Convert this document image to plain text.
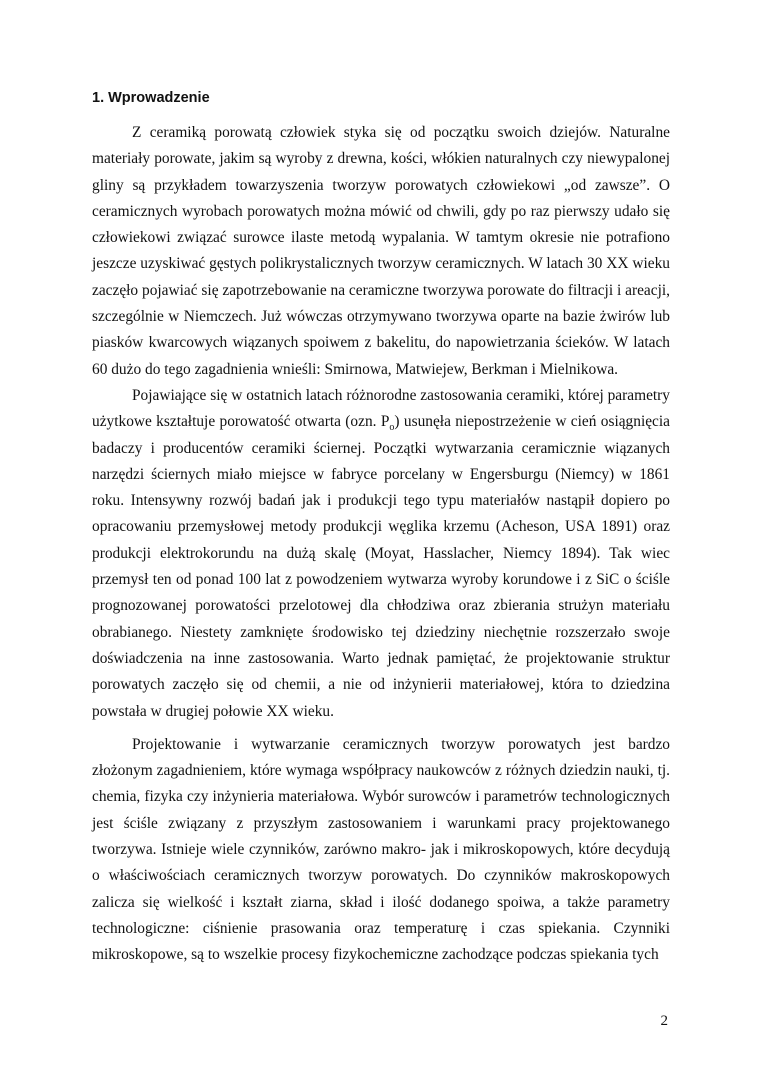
1. Wprowadzenie

Z ceramiką porowatą człowiek styka się od początku swoich dziejów. Naturalne materiały porowate, jakim są wyroby z drewna, kości, włókien naturalnych czy niewypalonej gliny są przykładem towarzyszenia tworzyw porowatych człowiekowi „od zawsze”. O ceramicznych wyrobach porowatych można mówić od chwili, gdy po raz pierwszy udało się człowiekowi związać surowce ilaste metodą wypalania. W tamtym okresie nie potrafiono jeszcze uzyskiwać gęstych polikrystalicznych tworzyw ceramicznych. W latach 30 XX wieku zaczęło pojawiać się zapotrzebowanie na ceramiczne tworzywa porowate do filtracji i areacji, szczególnie w Niemczech. Już wówczas otrzymywano tworzywa oparte na bazie żwirów lub piasków kwarcowych wiązanych spoiwem z bakelitu, do napowietrzania ścieków. W latach 60 dużo do tego zagadnienia wnieśli: Smirnowa, Matwiejew, Berkman i Mielnikowa.

Pojawiające się w ostatnich latach różnorodne zastosowania ceramiki, której parametry użytkowe kształtuje porowatość otwarta (ozn. $P_o$) usunęła niepostrzeżenie w cień osiągnięcia badaczy i producentów ceramiki ściernej. Początki wytwarzania ceramicznie wiązanych narzędzi ściernych miało miejsce w fabryce porcelany w Engersburgu (Niemcy) w 1861 roku. Intensywny rozwój badań jak i produkcji tego typu materiałów nastąpił dopiero po opracowaniu przemysłowej metody produkcji węglika krzemu (Acheson, USA 1891) oraz produkcji elektrokorundu na dużą skalę (Moyat, Hasslacher, Niemcy 1894). Tak wiec przemysł ten od ponad 100 lat z powodzeniem wytwarza wyroby korundowe i z SiC o ściśle prognozowanej porowatości przelotowej dla chłodziwa oraz zbierania strużyn materiału obrabianego. Niestety zamknięte środowisko tej dziedziny niechętnie rozszerzało swoje doświadczenia na inne zastosowania. Warto jednak pamiętać, że projektowanie struktur porowatych zaczęło się od chemii, a nie od inżynierii materiałowej, która to dziedzina powstała w drugiej połowie XX wieku.

Projektowanie i wytwarzanie ceramicznych tworzyw porowatych jest bardzo złożonym zagadnieniem, które wymaga współpracy naukowców z różnych dziedzin nauki, tj. chemia, fizyka czy inżynieria materiałowa. Wybór surowców i parametrów technologicznych jest ściśle związany z przyszłym zastosowaniem i warunkami pracy projektowanego tworzywa. Istnieje wiele czynników, zarówno makro- jak i mikroskopowych, które decydują o właściwościach ceramicznych tworzyw porowatych. Do czynników makroskopowych zalicza się wielkość i kształt ziarna, skład i ilość dodanego spoiwa, a także parametry technologiczne: ciśnienie prasowania oraz temperaturę i czas spiekania. Czynniki mikroskopowe, są to wszelkie procesy fizykochemiczne zachodzące podczas spiekania tych

2
